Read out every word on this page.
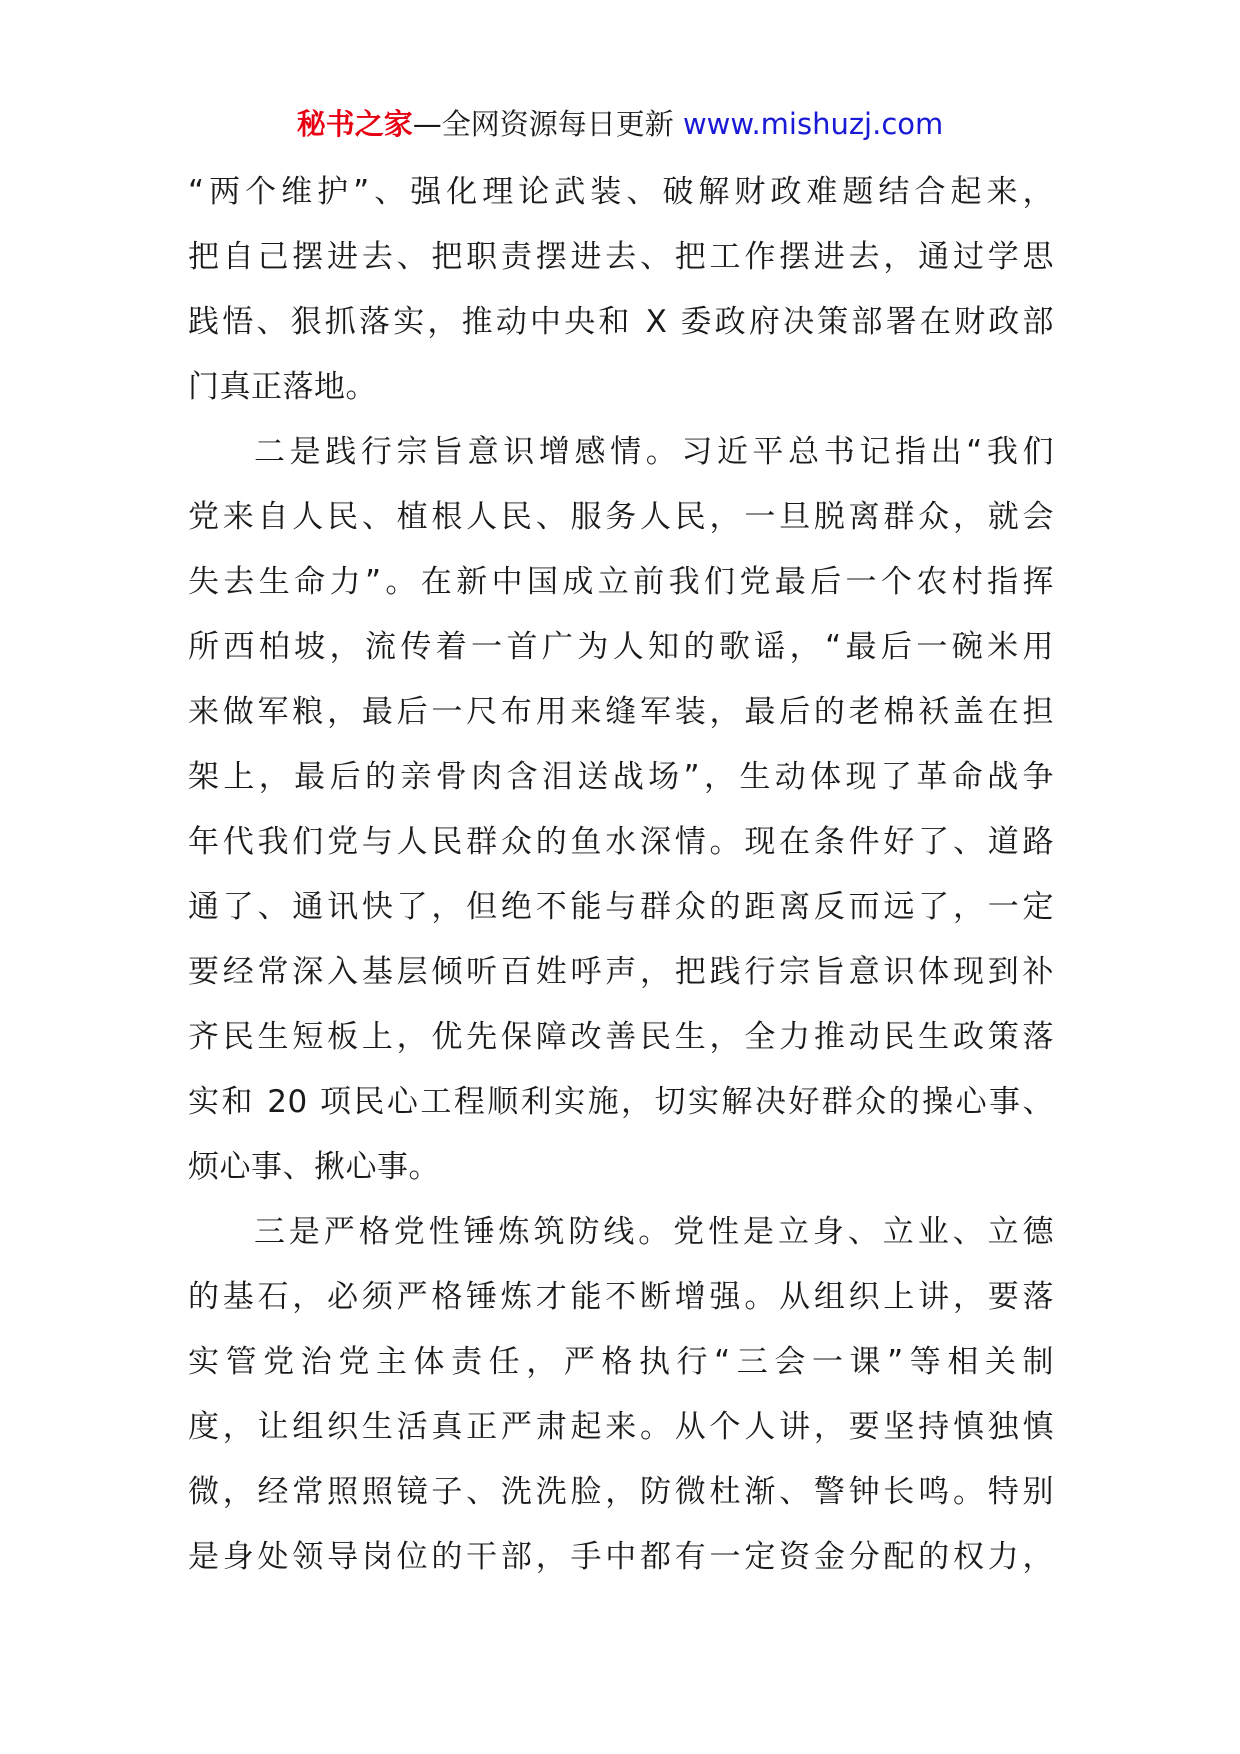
秘书之家—全网资源每日更新 www.mishuzj.com
“两个维护”、强化理论武装、破解财政难题结合起来，
把自己摆进去、把职责摆进去、把工作摆进去，通过学思
践悟、狠抓落实，推动中央和 X 委政府决策部署在财政部
门真正落地。
二是践行宗旨意识增感情。习近平总书记指出“我们
党来自人民、植根人民、服务人民，一旦脱离群众，就会
失去生命力”。在新中国成立前我们党最后一个农村指挥
所西柏坡，流传着一首广为人知的歌谣，“最后一碗米用
来做军粮，最后一尺布用来缝军装，最后的老棉袄盖在担
架上，最后的亲骨肉含泪送战场”，生动体现了革命战争
年代我们党与人民群众的鱼水深情。现在条件好了、道路
通了、通讯快了，但绝不能与群众的距离反而远了，一定
要经常深入基层倾听百姓呼声，把践行宗旨意识体现到补
齐民生短板上，优先保障改善民生，全力推动民生政策落
实和 20 项民心工程顺利实施，切实解决好群众的操心事、
烦心事、揪心事。
三是严格党性锤炼筑防线。党性是立身、立业、立德
的基石，必须严格锤炼才能不断增强。从组织上讲，要落
实管党治党主体责任，严格执行“三会一课”等相关制
度，让组织生活真正严肃起来。从个人讲，要坚持慎独慎
微，经常照照镜子、洗洗脸，防微杜渐、警钟长鸣。特别
是身处领导岗位的干部，手中都有一定资金分配的权力，
